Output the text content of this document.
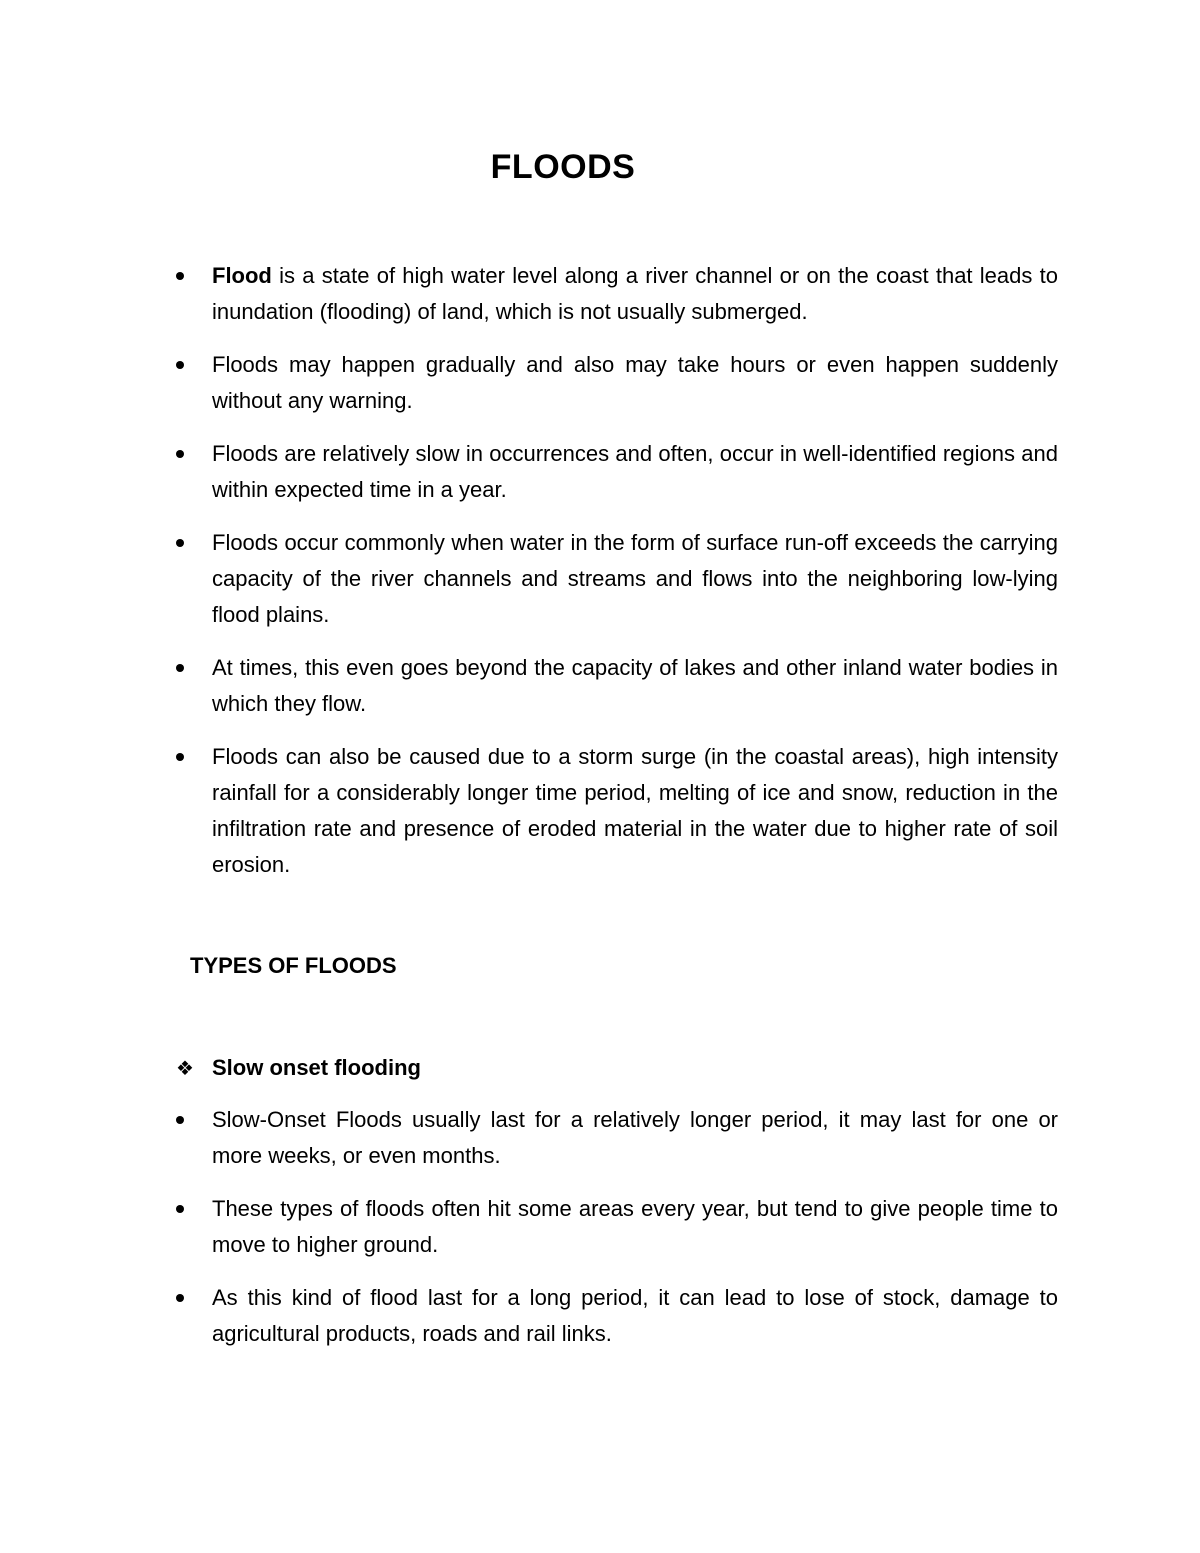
FLOODS
Flood is a state of high water level along a river channel or on the coast that leads to inundation (flooding) of land, which is not usually submerged.
Floods may happen gradually and also may take hours or even happen suddenly without any warning.
Floods are relatively slow in occurrences and often, occur in well-identified regions and within expected time in a year.
Floods occur commonly when water in the form of surface run-off exceeds the carrying capacity of the river channels and streams and flows into the neighboring low-lying flood plains.
At times, this even goes beyond the capacity of lakes and other inland water bodies in which they flow.
Floods can also be caused due to a storm surge (in the coastal areas), high intensity rainfall for a considerably longer time period, melting of ice and snow, reduction in the infiltration rate and presence of eroded material in the water due to higher rate of soil erosion.
TYPES OF FLOODS
❖ Slow onset flooding
Slow-Onset Floods usually last for a relatively longer period, it may last for one or more weeks, or even months.
These types of floods often hit some areas every year, but tend to give people time to move to higher ground.
As this kind of flood last for a long period, it can lead to lose of stock, damage to agricultural products, roads and rail links.
